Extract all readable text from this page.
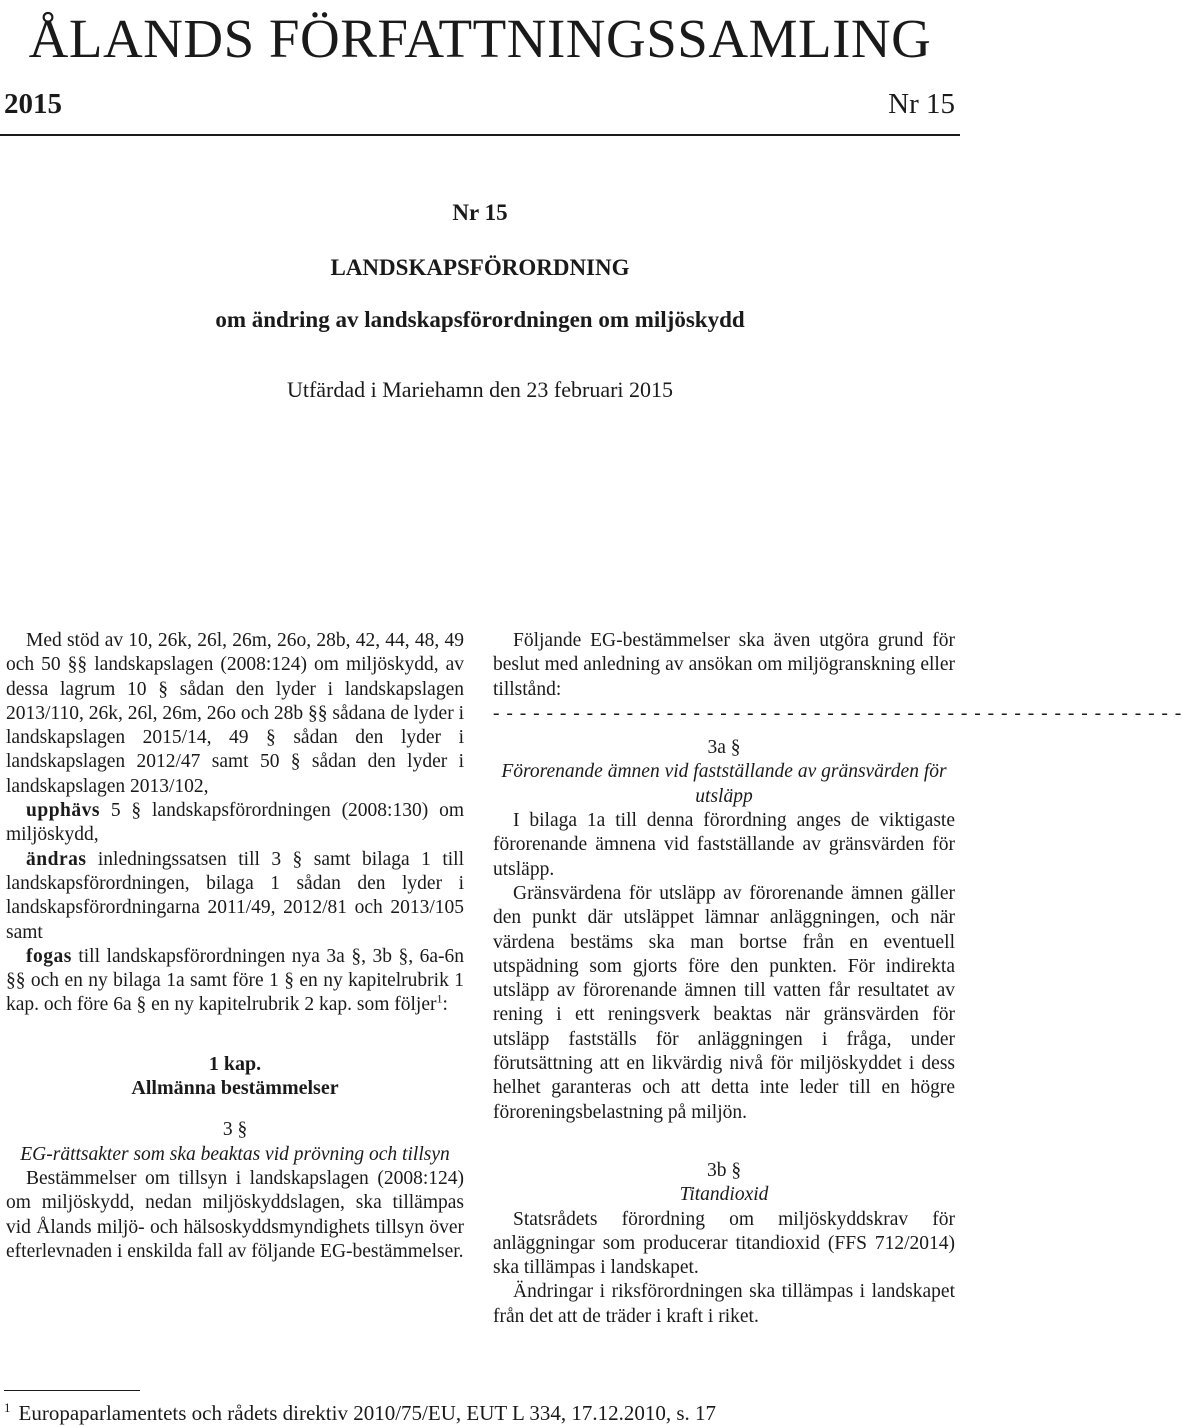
ÅLANDS FÖRFATTNINGSSAMLING
2015	Nr 15
Nr 15
LANDSKAPSFÖRORDNING
om ändring av landskapsförordningen om miljöskydd
Utfärdad i Mariehamn den 23 februari 2015

Med stöd av 10, 26k, 26l, 26m, 26o, 28b, 42, 44, 48, 49 och 50 §§ landskapslagen (2008:124) om miljöskydd, av dessa lagrum 10 § sådan den lyder i landskapslagen 2013/110, 26k, 26l, 26m, 26o och 28b §§ sådana de lyder i landskapslagen 2015/14, 49 § sådan den lyder i landskapslagen 2012/47 samt 50 § sådan den lyder i landskapslagen 2013/102,

upphävs 5 § landskapsförordningen (2008:130) om miljöskydd,

ändras inledningssatsen till 3 § samt bilaga 1 till landskapsförordningen, bilaga 1 sådan den lyder i landskapsförordningarna 2011/49, 2012/81 och 2013/105 samt

fogas till landskapsförordningen nya 3a §, 3b §, 6a-6n §§ och en ny bilaga 1a samt före 1 § en ny kapitelrubrik 1 kap. och före 6a § en ny kapitelrubrik 2 kap. som följer$^1$:

1 kap.

Allmänna bestämmelser

3 §

EG-rättsakter som ska beaktas vid prövning och tillsyn

Bestämmelser om tillsyn i landskapslagen (2008:124) om miljöskydd, nedan miljöskyddslagen, ska tillämpas vid Ålands miljö- och hälsoskyddsmyndighets tillsyn över efterlevnaden i enskilda fall av följande EG-bestämmelser.

Följande EG-bestämmelser ska även utgöra grund för beslut med anledning av ansökan om miljögranskning eller tillstånd:

- - - - - - - - - - - - - - - - - - - - - - - - - - - - - - - - - - - - - - - - - - - - - - - - - - - -

3a §

Förorenande ämnen vid fastställande av gränsvärden för utsläpp

I bilaga 1a till denna förordning anges de viktigaste förorenande ämnena vid fastställande av gränsvärden för utsläpp.

Gränsvärdena för utsläpp av förorenande ämnen gäller den punkt där utsläppet lämnar anläggningen, och när värdena bestäms ska man bortse från en eventuell utspädning som gjorts före den punkten. För indirekta utsläpp av förorenande ämnen till vatten får resultatet av rening i ett reningsverk beaktas när gränsvärden för utsläpp fastställs för anläggningen i fråga, under förutsättning att en likvärdig nivå för miljöskyddet i dess helhet garanteras och att detta inte leder till en högre föroreningsbelastning på miljön.

3b §

Titandioxid

Statsrådets förordning om miljöskyddskrav för anläggningar som producerar titandioxid (FFS 712/2014) ska tillämpas i landskapet.

Ändringar i riksförordningen ska tillämpas i landskapet från det att de träder i kraft i riket.

$^1$ Europaparlamentets och rådets direktiv 2010/75/EU, EUT L 334, 17.12.2010, s. 17
